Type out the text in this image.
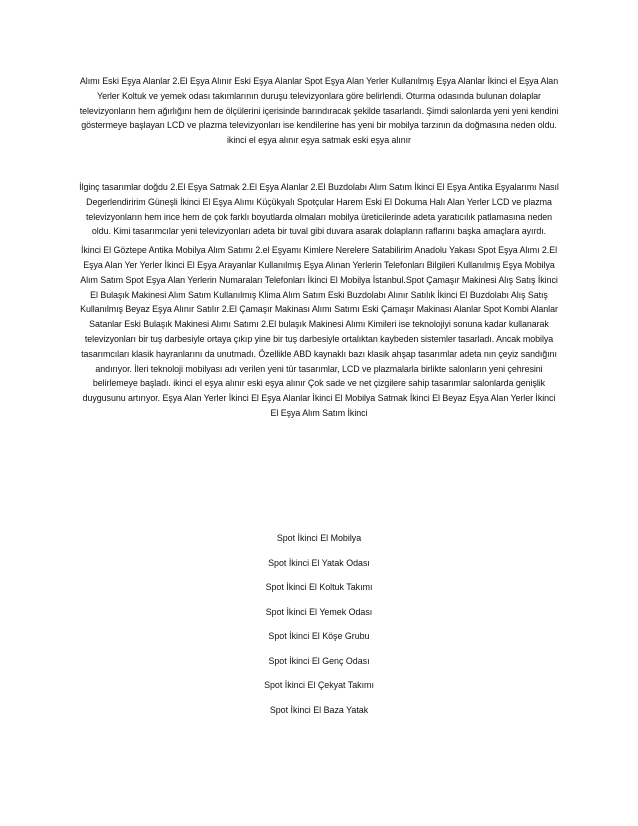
Alımı Eski Eşya Alanlar 2.El Eşya Alınır Eski Eşya Alanlar Spot Eşya Alan Yerler Kullanılmış Eşya Alanlar İkinci el Eşya Alan Yerler Koltuk ve yemek odası takımlarının duruşu televizyonlara göre belirlendi. Oturma odasında bulunan dolaplar televizyonların hem ağırlığını hem de ölçülerini içerisinde barındıracak şekilde tasarlandı. Şimdi salonlarda yeni yeni kendini göstermeye başlayan LCD ve plazma televizyonları ise kendilerine has yeni bir mobilya tarzının da doğmasına neden oldu. ikinci el eşya alınır eşya satmak eski eşya alınır

İlginç tasarımlar doğdu 2.El Eşya Satmak 2.El Eşya Alanlar 2.El Buzdolabı Alım Satım İkinci El Eşya Antika Eşyalarımı Nasıl Degerlendiririm Güneşli İkinci El Eşya Alımı Küçükyalı Spotçular Harem Eski El Dokuma Halı Alan Yerler LCD ve plazma televizyonların hem ince hem de çok farklı boyutlarda olmaları mobilya üreticilerinde adeta yaratıcılık patlamasına neden oldu. Kimi tasarımcılar yeni televizyonları adeta bir tuval gibi duvara asarak dolapların raflarını başka amaçlara ayırdı.

İkinci El Göztepe Antika Mobilya Alım Satımı 2.el Eşyamı Kimlere Nerelere Satabilirim Anadolu Yakası Spot Eşya Alımı 2.El Eşya Alan Yer Yerler İkinci El Eşya Arayanlar Kullanılmış Eşya Alınan Yerlerin Telefonları Bilgileri Kullanılmış Eşya Mobilya Alım Satım Spot Eşya Alan Yerlerin Numaraları Telefonları İkinci El Mobilya İstanbul.Spot Çamaşır Makinesi Alış Satış İkinci El Bulaşık Makinesi Alım Satım Kullanılmış Klima Alım Satım Eski Buzdolabı Alınır Satılık İkinci El Buzdolabı Alış Satış Kullanılmış Beyaz Eşya Alınır Satılır 2.El Çamaşır Makinası Alımı Satımı Eski Çamaşır Makinası Alanlar Spot Kombi Alanlar Satanlar Eski Bulaşık Makinesi Alımı Satımı 2.El bulaşık Makinesi Alımı Kimileri ise teknolojiyi sonuna kadar kullanarak televizyonları bir tuş darbesiyle ortaya çıkıp yine bir tuş darbesiyle ortalıktan kaybeden sistemler tasarladı. Ancak mobilya tasarımcıları klasik hayranlarını da unutmadı. Özellikle ABD kaynaklı bazı klasik ahşap tasarımlar adeta nın çeyiz sandığını andırıyor. İleri teknoloji mobilyası adı verilen yeni tür tasarımlar, LCD ve plazmalarla birlikte salonların yeni çehresini belirlemeye başladı. ikinci el eşya alınır eski eşya alınır Çok sade ve net çizgilere sahip tasarımlar salonlarda genişlik duygusunu artırıyor. Eşya Alan Yerler İkinci El Eşya Alanlar İkinci El Mobilya Satmak İkinci El Beyaz Eşya Alan Yerler İkinci El Eşya Alım Satım İkinci

Spot İkinci El Mobilya
Spot İkinci El Yatak Odası
Spot İkinci El Koltuk Takımı
Spot İkinci El Yemek Odası
Spot İkinci El Köşe Grubu
Spot İkinci El Genç Odası
Spot İkinci El Çekyat Takımı
Spot İkinci El Baza Yatak
